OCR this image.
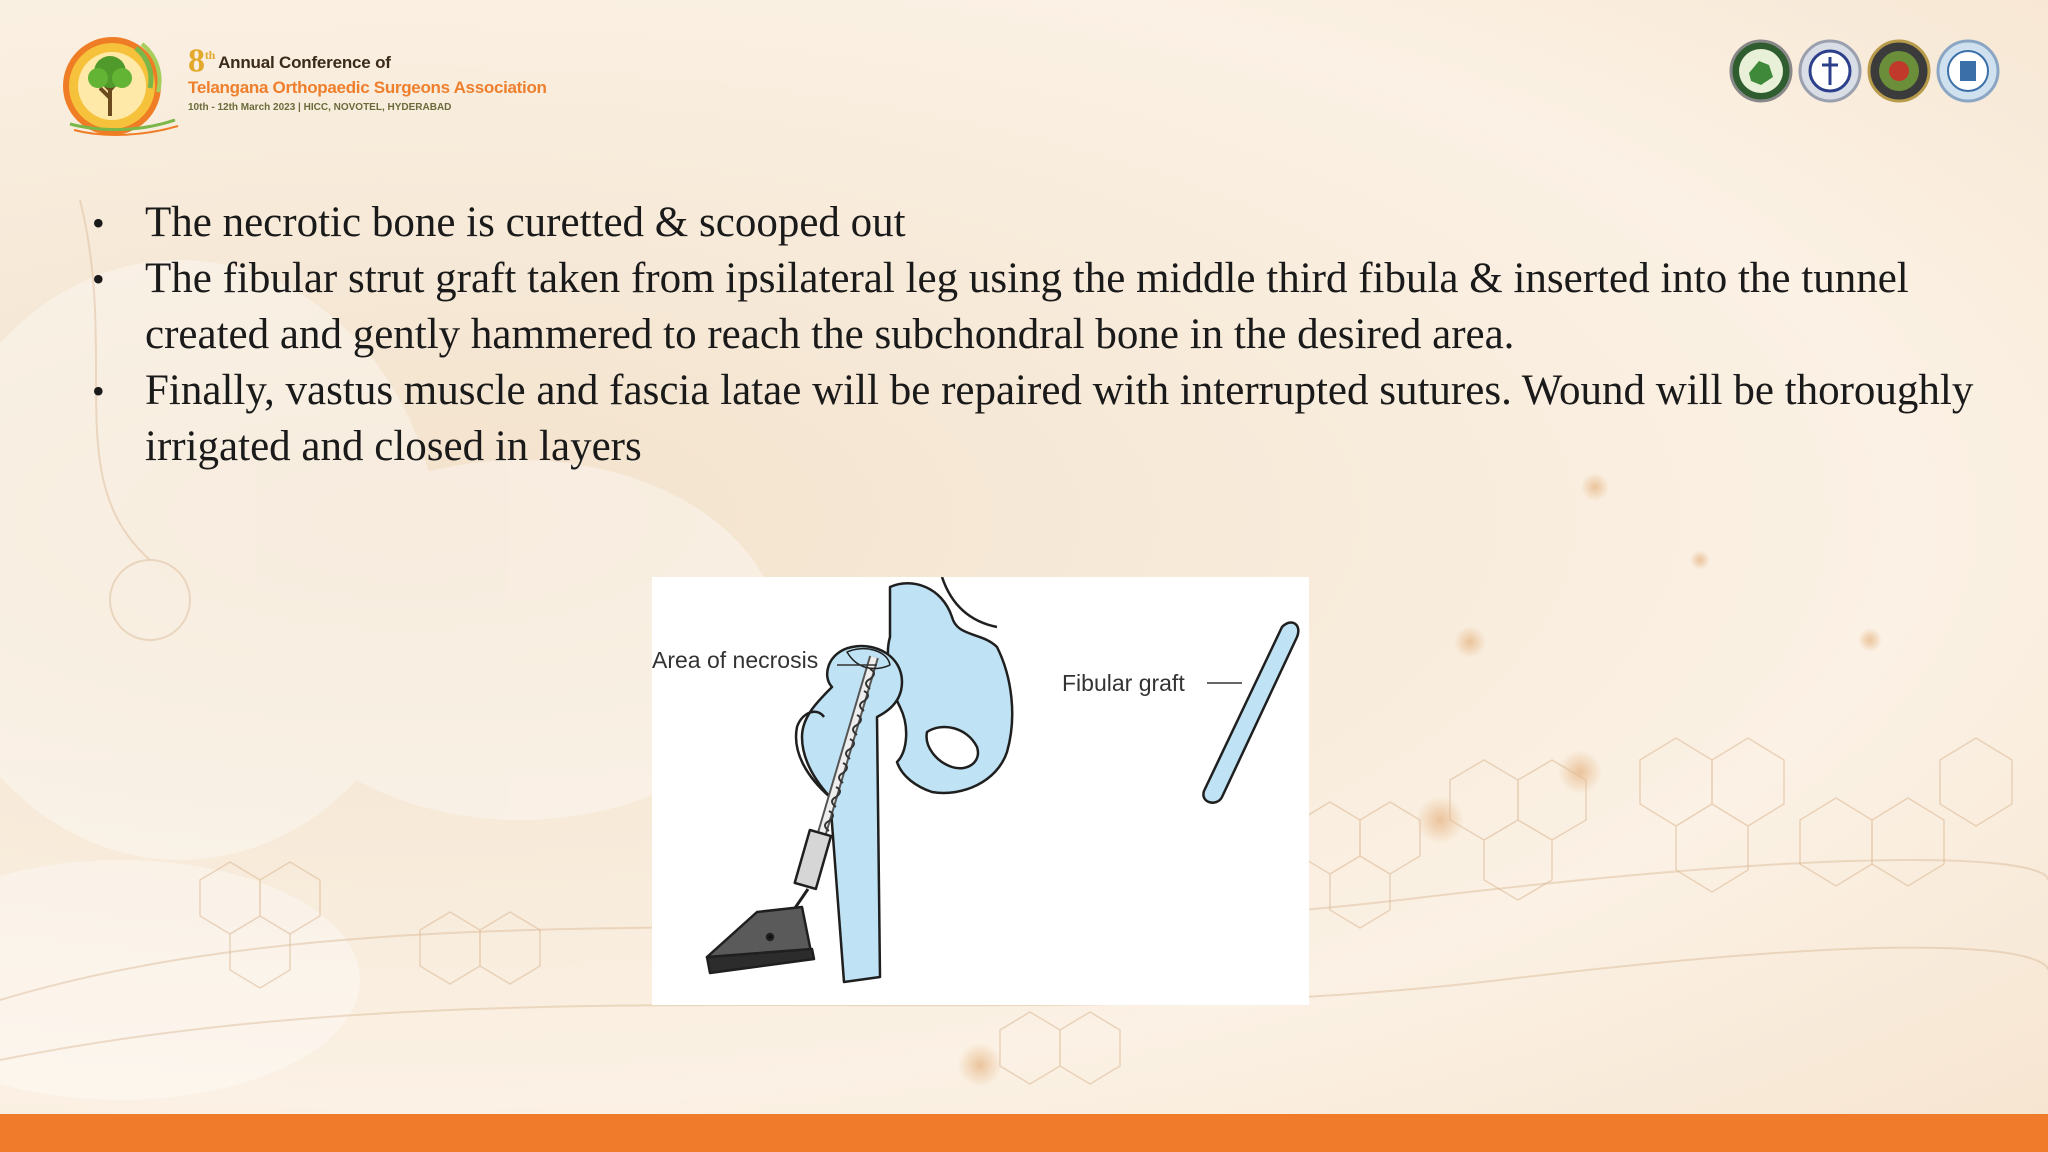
8th Annual Conference of
Telangana Orthopaedic Surgeons Association
10th - 12th March 2023 | HICC, NOVOTEL, HYDERABAD
• The necrotic bone is curetted & scooped out
• The fibular strut graft taken from ipsilateral leg using the middle third fibula & inserted into the tunnel created and gently hammered to reach the subchondral bone in the desired area.
• Finally, vastus muscle and fascia latae will be repaired with interrupted sutures. Wound will be thoroughly irrigated and closed in layers
Area of necrosis
Fibular graft
